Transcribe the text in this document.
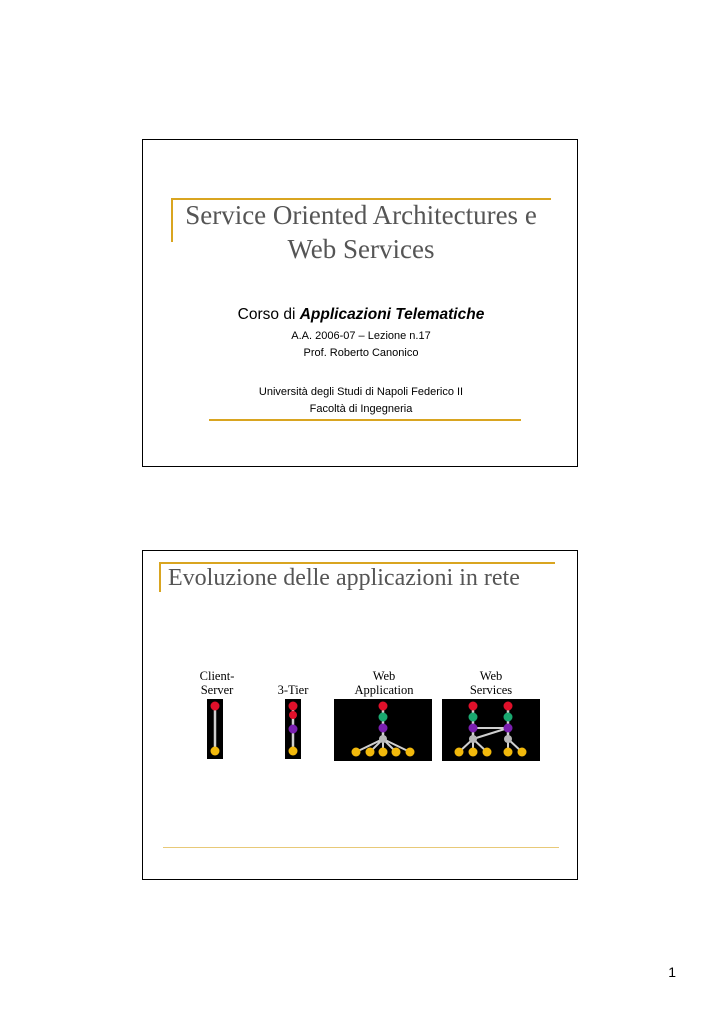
Service Oriented Architectures e
Web Services
Corso di Applicazioni Telematiche
A.A. 2006-07 – Lezione n.17
Prof. Roberto Canonico
Università degli Studi di Napoli Federico II
Facoltà di Ingegneria
Evoluzione delle applicazioni in rete
Client-
Server
	3-Tier
Web
Application
Web
Services
1
